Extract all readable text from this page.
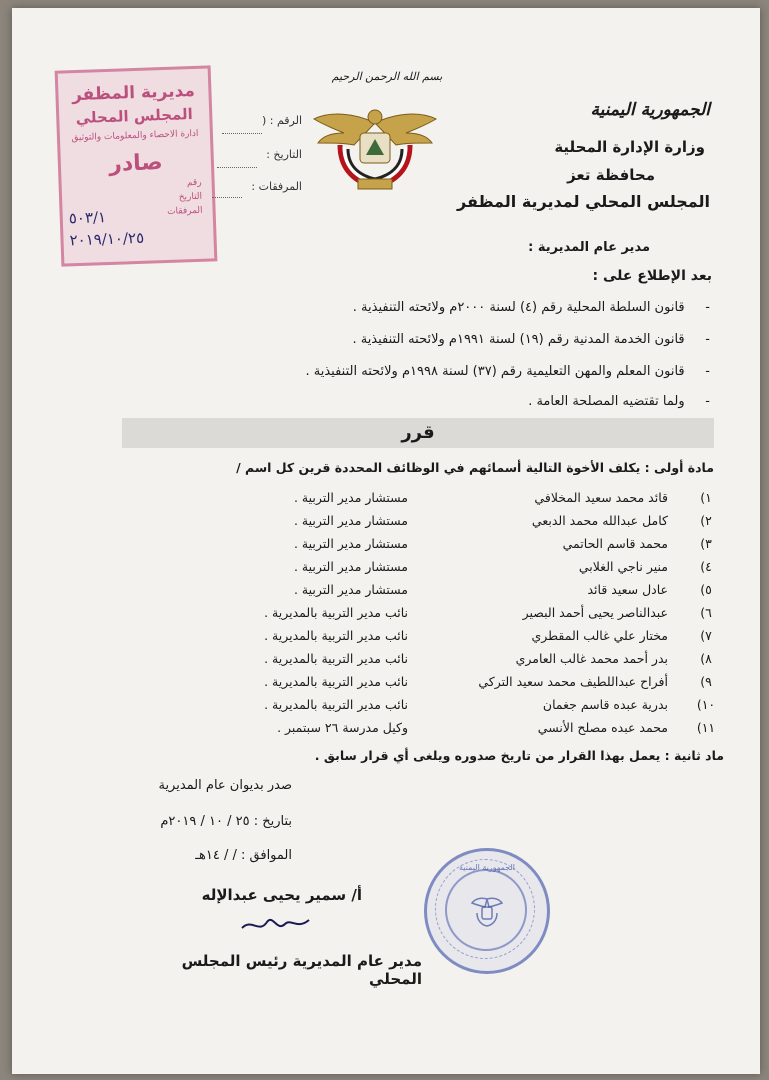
بسم الله الرحمن الرحيم
الجمهورية اليمنية
وزارة الإدارة المحلية
محافظة تعز
المجلس المحلي لمديرية المظفر
الرقم : (
التاريخ :
المرفقات :
مديرية المظفر
المجلس المحلي
ادارة الاحصاء والمعلومات والتوثيق
صادر
رقم
التاريخ
المرفقات
٥٠٣/١
٢٠١٩/١٠/٢٥	مدير عام المديرية :
بعد الإطلاع على :
-     قانون السلطة المحلية رقم (٤) لسنة ٢٠٠٠م ولائحته التنفيذية .
-     قانون الخدمة المدنية رقم (١٩) لسنة ١٩٩١م ولائحته التنفيذية .
-     قانون المعلم والمهن التعليمية رقم (٣٧) لسنة ١٩٩٨م ولائحته التنفيذية .
-     ولما تقتضيه المصلحة العامة .
قرر
مادة أولى : يكلف الأخوة التالية أسمائهم في الوظائف المحددة قرين كل اسم /
١)
قائد محمد سعيد المخلافي
مستشار مدير التربية .
٢)
كامل عبدالله محمد الدبعي
مستشار مدير التربية .
٣)
محمد قاسم الحاتمي
مستشار مدير التربية .
٤)
منير ناجي الغلابي
مستشار مدير التربية .
٥)
عادل سعيد قائد
مستشار مدير التربية .
٦)
عبدالناصر يحيى أحمد البصير
نائب مدير التربية بالمديرية .
٧)
مختار علي غالب المقطري
نائب مدير التربية بالمديرية .
٨)
بدر أحمد محمد غالب العامري
نائب مدير التربية بالمديرية .
٩)
أفراح عبداللطيف محمد سعيد التركي
نائب مدير التربية بالمديرية .
١٠)
بدرية عبده قاسم جغمان
نائب مدير التربية بالمديرية .
١١)
محمد عبده مصلح الأنسي
وكيل مدرسة ٢٦ سبتمبر .
ماد ثانية : يعمل بهذا القرار من تاريخ صدوره ويلغى أي قرار سابق .
صدر بديوان عام المديرية
بتاريخ : ٢٥ / ١٠ / ٢٠١٩م
الموافق : / / ١٤هـ
أ/ سمير يحيى عبدالإله
مدير عام المديرية رئيس المجلس المحلي
الجمهورية اليمنية
